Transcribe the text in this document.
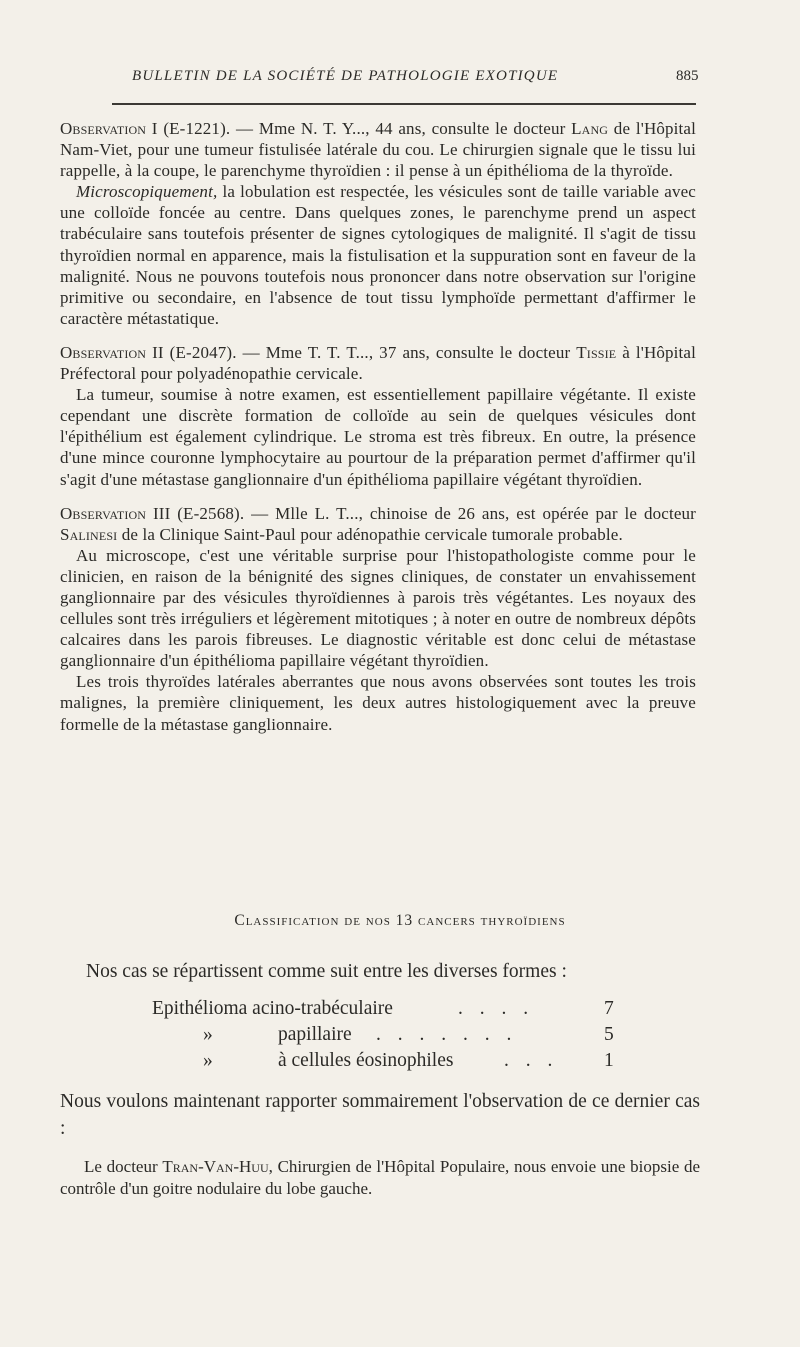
BULLETIN DE LA SOCIÉTÉ DE PATHOLOGIE EXOTIQUE	885

Observation I (E-1221). — Mme N. T. Y..., 44 ans, consulte le docteur Lang de l'Hôpital Nam-Viet, pour une tumeur fistulisée latérale du cou. Le chirurgien signale que le tissu lui rappelle, à la coupe, le parenchyme thyroïdien : il pense à un épithélioma de la thyroïde.

Microscopiquement, la lobulation est respectée, les vésicules sont de taille variable avec une colloïde foncée au centre. Dans quelques zones, le parenchyme prend un aspect trabéculaire sans toutefois présenter de signes cytologiques de malignité. Il s'agit de tissu thyroïdien normal en apparence, mais la fistulisation et la suppuration sont en faveur de la malignité. Nous ne pouvons toutefois nous prononcer dans notre observation sur l'origine primitive ou secondaire, en l'absence de tout tissu lymphoïde permettant d'affirmer le caractère métastatique.

Observation II (E-2047). — Mme T. T. T..., 37 ans, consulte le docteur Tissie à l'Hôpital Préfectoral pour polyadénopathie cervicale.

La tumeur, soumise à notre examen, est essentiellement papillaire végétante. Il existe cependant une discrète formation de colloïde au sein de quelques vésicules dont l'épithélium est également cylindrique. Le stroma est très fibreux. En outre, la présence d'une mince couronne lymphocytaire au pourtour de la préparation permet d'affirmer qu'il s'agit d'une métastase ganglionnaire d'un épithélioma papillaire végétant thyroïdien.

Observation III (E-2568). — Mlle L. T..., chinoise de 26 ans, est opérée par le docteur Salinesi de la Clinique Saint-Paul pour adénopathie cervicale tumorale probable.

Au microscope, c'est une véritable surprise pour l'histopathologiste comme pour le clinicien, en raison de la bénignité des signes cliniques, de constater un envahissement ganglionnaire par des vésicules thyroïdiennes à parois très végétantes. Les noyaux des cellules sont très irréguliers et légèrement mitotiques ; à noter en outre de nombreux dépôts calcaires dans les parois fibreuses. Le diagnostic véritable est donc celui de métastase ganglionnaire d'un épithélioma papillaire végétant thyroïdien.

Les trois thyroïdes latérales aberrantes que nous avons observées sont toutes les trois malignes, la première cliniquement, les deux autres histologiquement avec la preuve formelle de la métastase ganglionnaire.

Classification de nos 13 cancers thyroïdiens
Nos cas se répartissent comme suit entre les diverses formes :
Epithélioma acino-trabéculaire	. . . .	7
»	papillaire . . . . . . .	5
»	à cellules éosinophiles	. . . 1
Nous voulons maintenant rapporter sommairement l'observation de ce dernier cas :

Le docteur Tran-Van-Huu, Chirurgien de l'Hôpital Populaire, nous envoie une biopsie de contrôle d'un goitre nodulaire du lobe gauche.
